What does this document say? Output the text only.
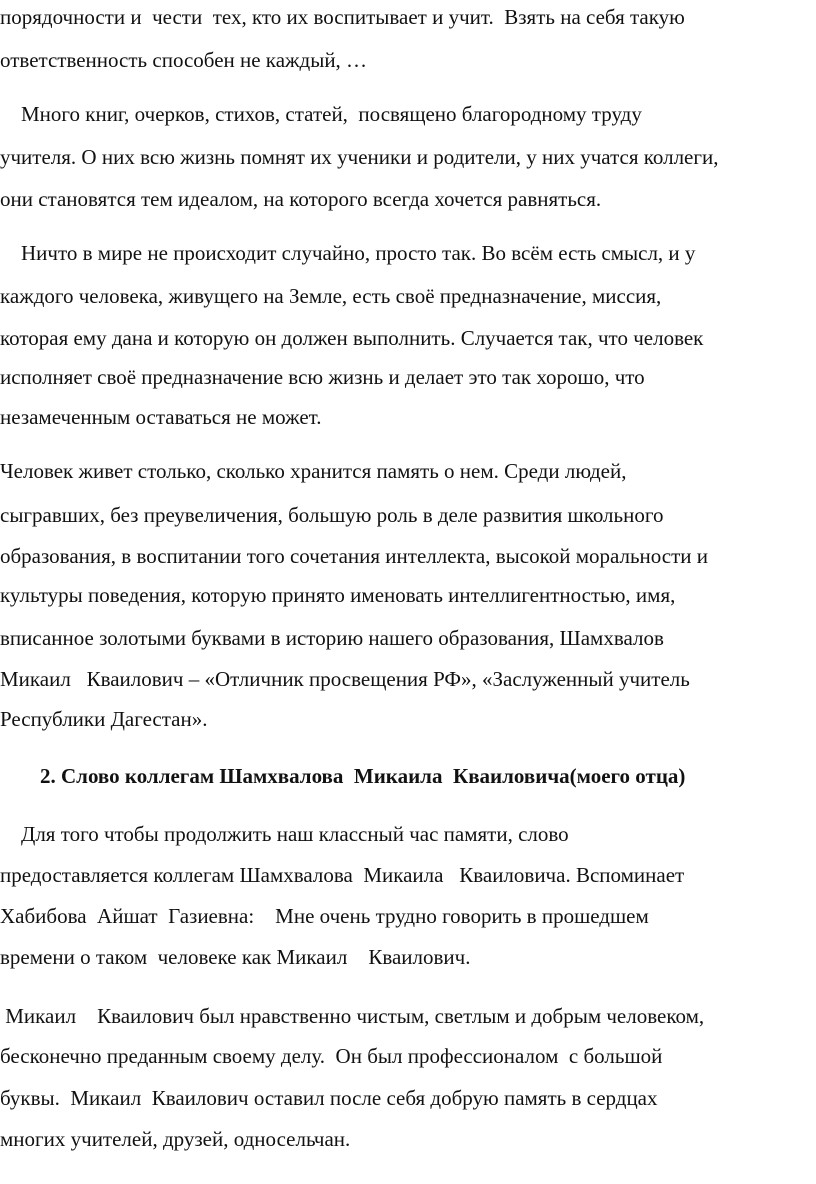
порядочности и  чести  тех, кто их воспитывает и учит.  Взять на себя такую

ответственность способен не каждый, …

Много книг, очерков, стихов, статей,  посвящено благородному труду

учителя. О них всю жизнь помнят их ученики и родители, у них учатся коллеги,

они становятся тем идеалом, на которого всегда хочется равняться.

Ничто в мире не происходит случайно, просто так. Во всём есть смысл, и у

каждого человека, живущего на Земле, есть своё предназначение, миссия,

которая ему дана и которую он должен выполнить. Случается так, что человек

исполняет своё предназначение всю жизнь и делает это так хорошо, что

незамеченным оставаться не может.

Человек живет столько, сколько хранится память о нем. Среди людей,

сыгравших, без преувеличения, большую роль в деле развития школьного

образования, в воспитании того сочетания интеллекта, высокой моральности и

культуры поведения, которую принято именовать интеллигентностью, имя,

вписанное золотыми буквами в историю нашего образования, Шамхвалов

Микаил   Кваилович – «Отличник просвещения РФ», «Заслуженный учитель

Республики Дагестан».

2. Слово коллегам Шамхвалова  Микаила  Кваиловича(моего отца)

Для того чтобы продолжить наш классный час памяти, слово

предоставляется коллегам Шамхвалова  Микаила   Кваиловича. Вспоминает

Хабибова  Айшат  Газиевна:    Мне очень трудно говорить в прошедшем

времени о таком  человеке как Микаил    Кваилович.

Микаил    Кваилович был нравственно чистым, светлым и добрым человеком,

бесконечно преданным своему делу.  Он был профессионалом  с большой

буквы.  Микаил  Кваилович оставил после себя добрую память в сердцах

многих учителей, друзей, односельчан.
